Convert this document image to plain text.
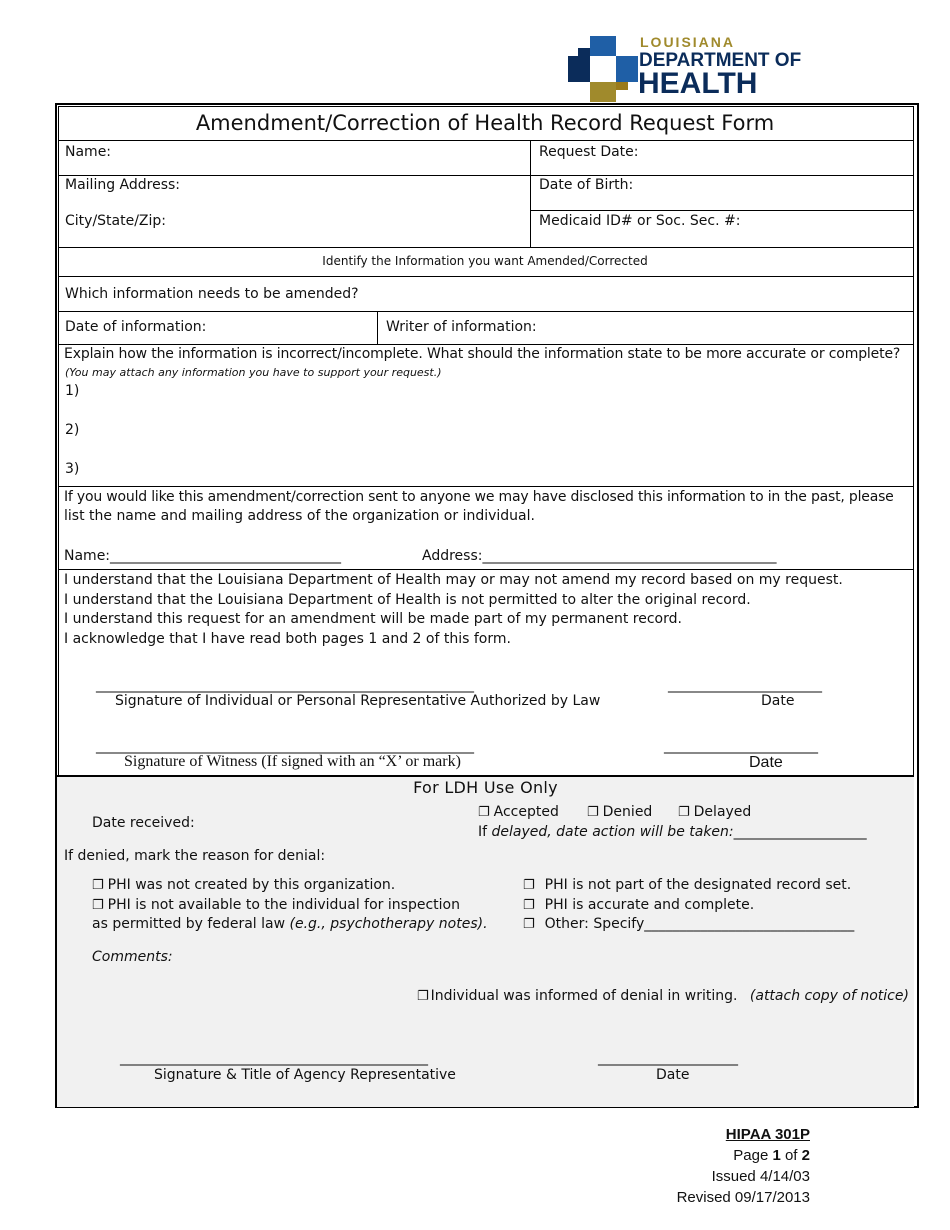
LOUISIANA
DEPARTMENT OF
HEALTH
Amendment/Correction of Health Record Request Form
Name:	Request Date:
Mailing Address:	Date of Birth:
City/State/Zip:	Medicaid ID# or Soc. Sec. #:
Identify the Information you want Amended/Corrected
Which information needs to be amended?
Date of information:	Writer of information:
Explain how the information is incorrect/incomplete. What should the information state to be more accurate or complete?
(You may attach any information you have to support your request.)
1)
2)
3)
If you would like this amendment/correction sent to anyone we may have disclosed this information to in the past, please
list the name and mailing address of the organization or individual.
Name:_________________________________	Address:__________________________________________
I understand that the Louisiana Department of Health may or may not amend my record based on my request.
I understand that the Louisiana Department of Health is not permitted to alter the original record.
I understand this request for an amendment will be made part of my permanent record.
I acknowledge that I have read both pages 1 and 2 of this form.
______________________________________________________	______________________
Signature of Individual or Personal Representative Authorized by Law	Date
______________________________________________________	______________________
Signature of Witness (If signed with an “X’ or mark)	Date
For LDH Use Only
Date received:
❐ Accepted ❐ Denied ❐ Delayed
If delayed, date action will be taken:___________________
If denied, mark the reason for denial:
❐ PHI was not created by this organization.
❐ PHI is not available to the individual for inspection
as permitted by federal law (e.g., psychotherapy notes).
❐ PHI is not part of the designated record set.
❐ PHI is accurate and complete.
❐ Other: Specify______________________________
Comments:
❐ Individual was informed of denial in writing. (attach copy of notice)
____________________________________________	____________________
Signature & Title of Agency Representative	Date
HIPAA 301P
Page 1 of 2
Issued 4/14/03
Revised 09/17/2013
